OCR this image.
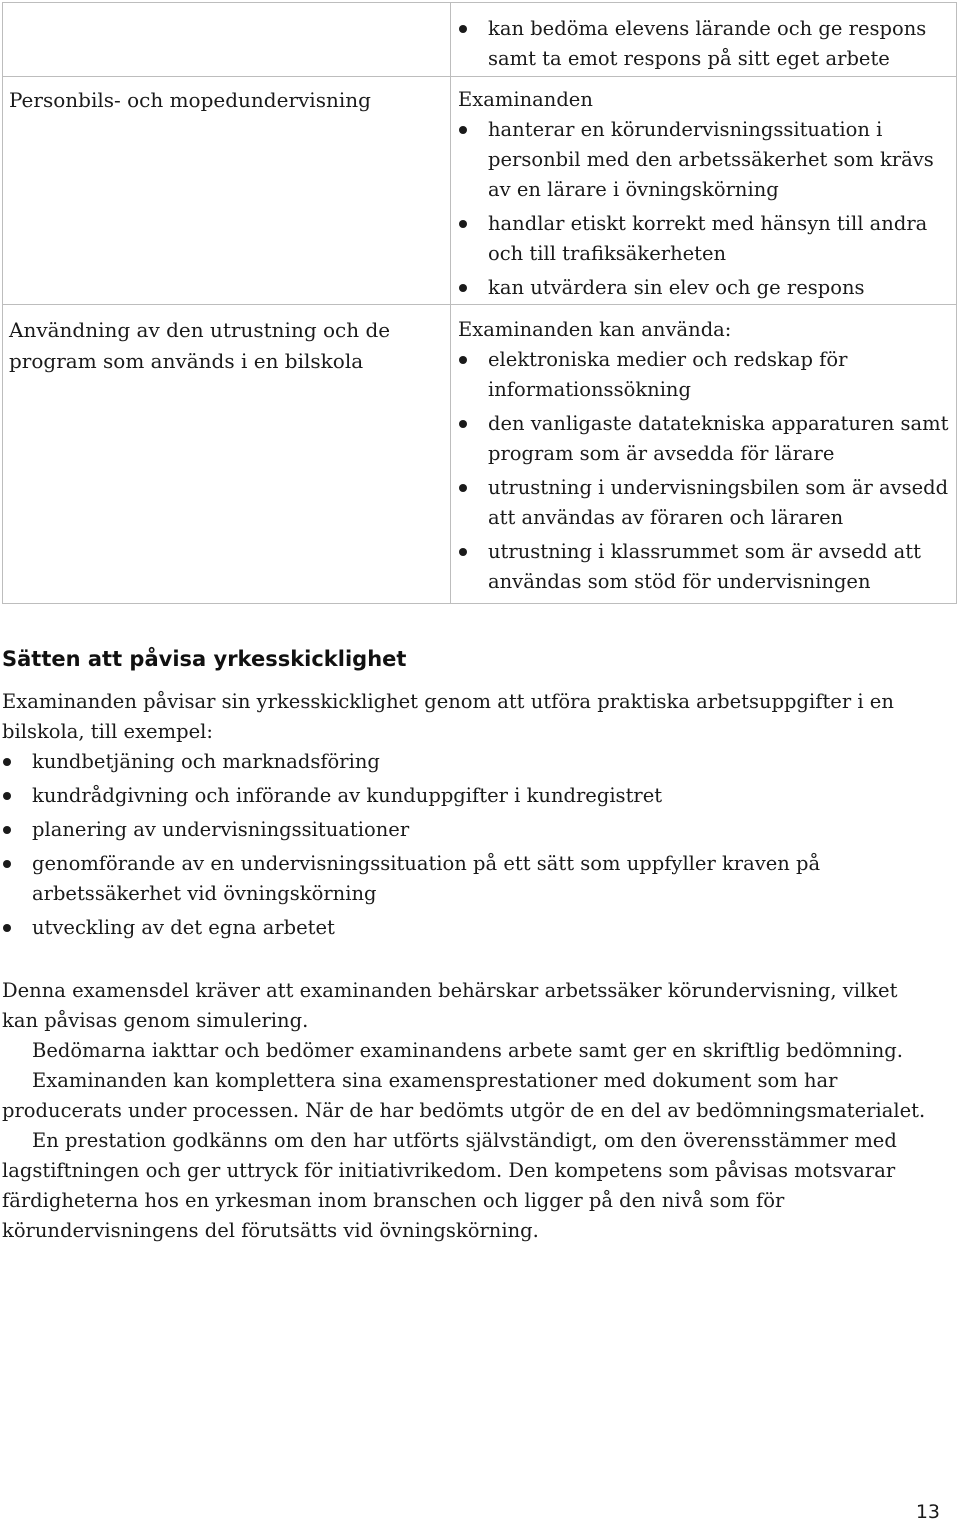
kan bedöma elevens lärande och ge respons samt ta emot respons på sitt eget arbete
Personbils- och mopedundervisning	Examinanden

hanterar en körundervisningssituation i personbil med den arbetssäkerhet som krävs av en lärare i övningskörning
handlar etiskt korrekt med hänsyn till andra och till trafiksäkerheten
kan utvärdera sin elev och ge respons
Användning av den utrustning och de program som används i en bilskola

Examinanden kan använda:

elektroniska medier och redskap för informationssökning
den vanligaste datatekniska apparaturen samt program som är avsedda för lärare
utrustning i undervisningsbilen som är avsedd att användas av föraren och läraren
utrustning i klassrummet som är avsedd att användas som stöd för undervisningen
Sätten att påvisa yrkesskicklighet

Examinanden påvisar sin yrkesskicklighet genom att utföra praktiska arbetsuppgifter i en bilskola, till exempel:

kundbetjäning och marknadsföring
kundrådgivning och införande av kunduppgifter i kundregistret
planering av undervisningssituationer
genomförande av en undervisningssituation på ett sätt som uppfyller kraven på arbetssäkerhet vid övningskörning
utveckling av det egna arbetet

Denna examensdel kräver att examinanden behärskar arbetssäker körundervisning, vilket kan påvisas genom simulering.

Bedömarna iakttar och bedömer examinandens arbete samt ger en skriftlig bedömning.

Examinanden kan komplettera sina examensprestationer med dokument som har producerats under processen. När de har bedömts utgör de en del av bedömningsmaterialet.

En prestation godkänns om den har utförts självständigt, om den överensstämmer med lagstiftningen och ger uttryck för initiativrikedom. Den kompetens som påvisas motsvarar färdigheterna hos en yrkesman inom branschen och ligger på den nivå som för körundervisningens del förutsätts vid övningskörning.

13
